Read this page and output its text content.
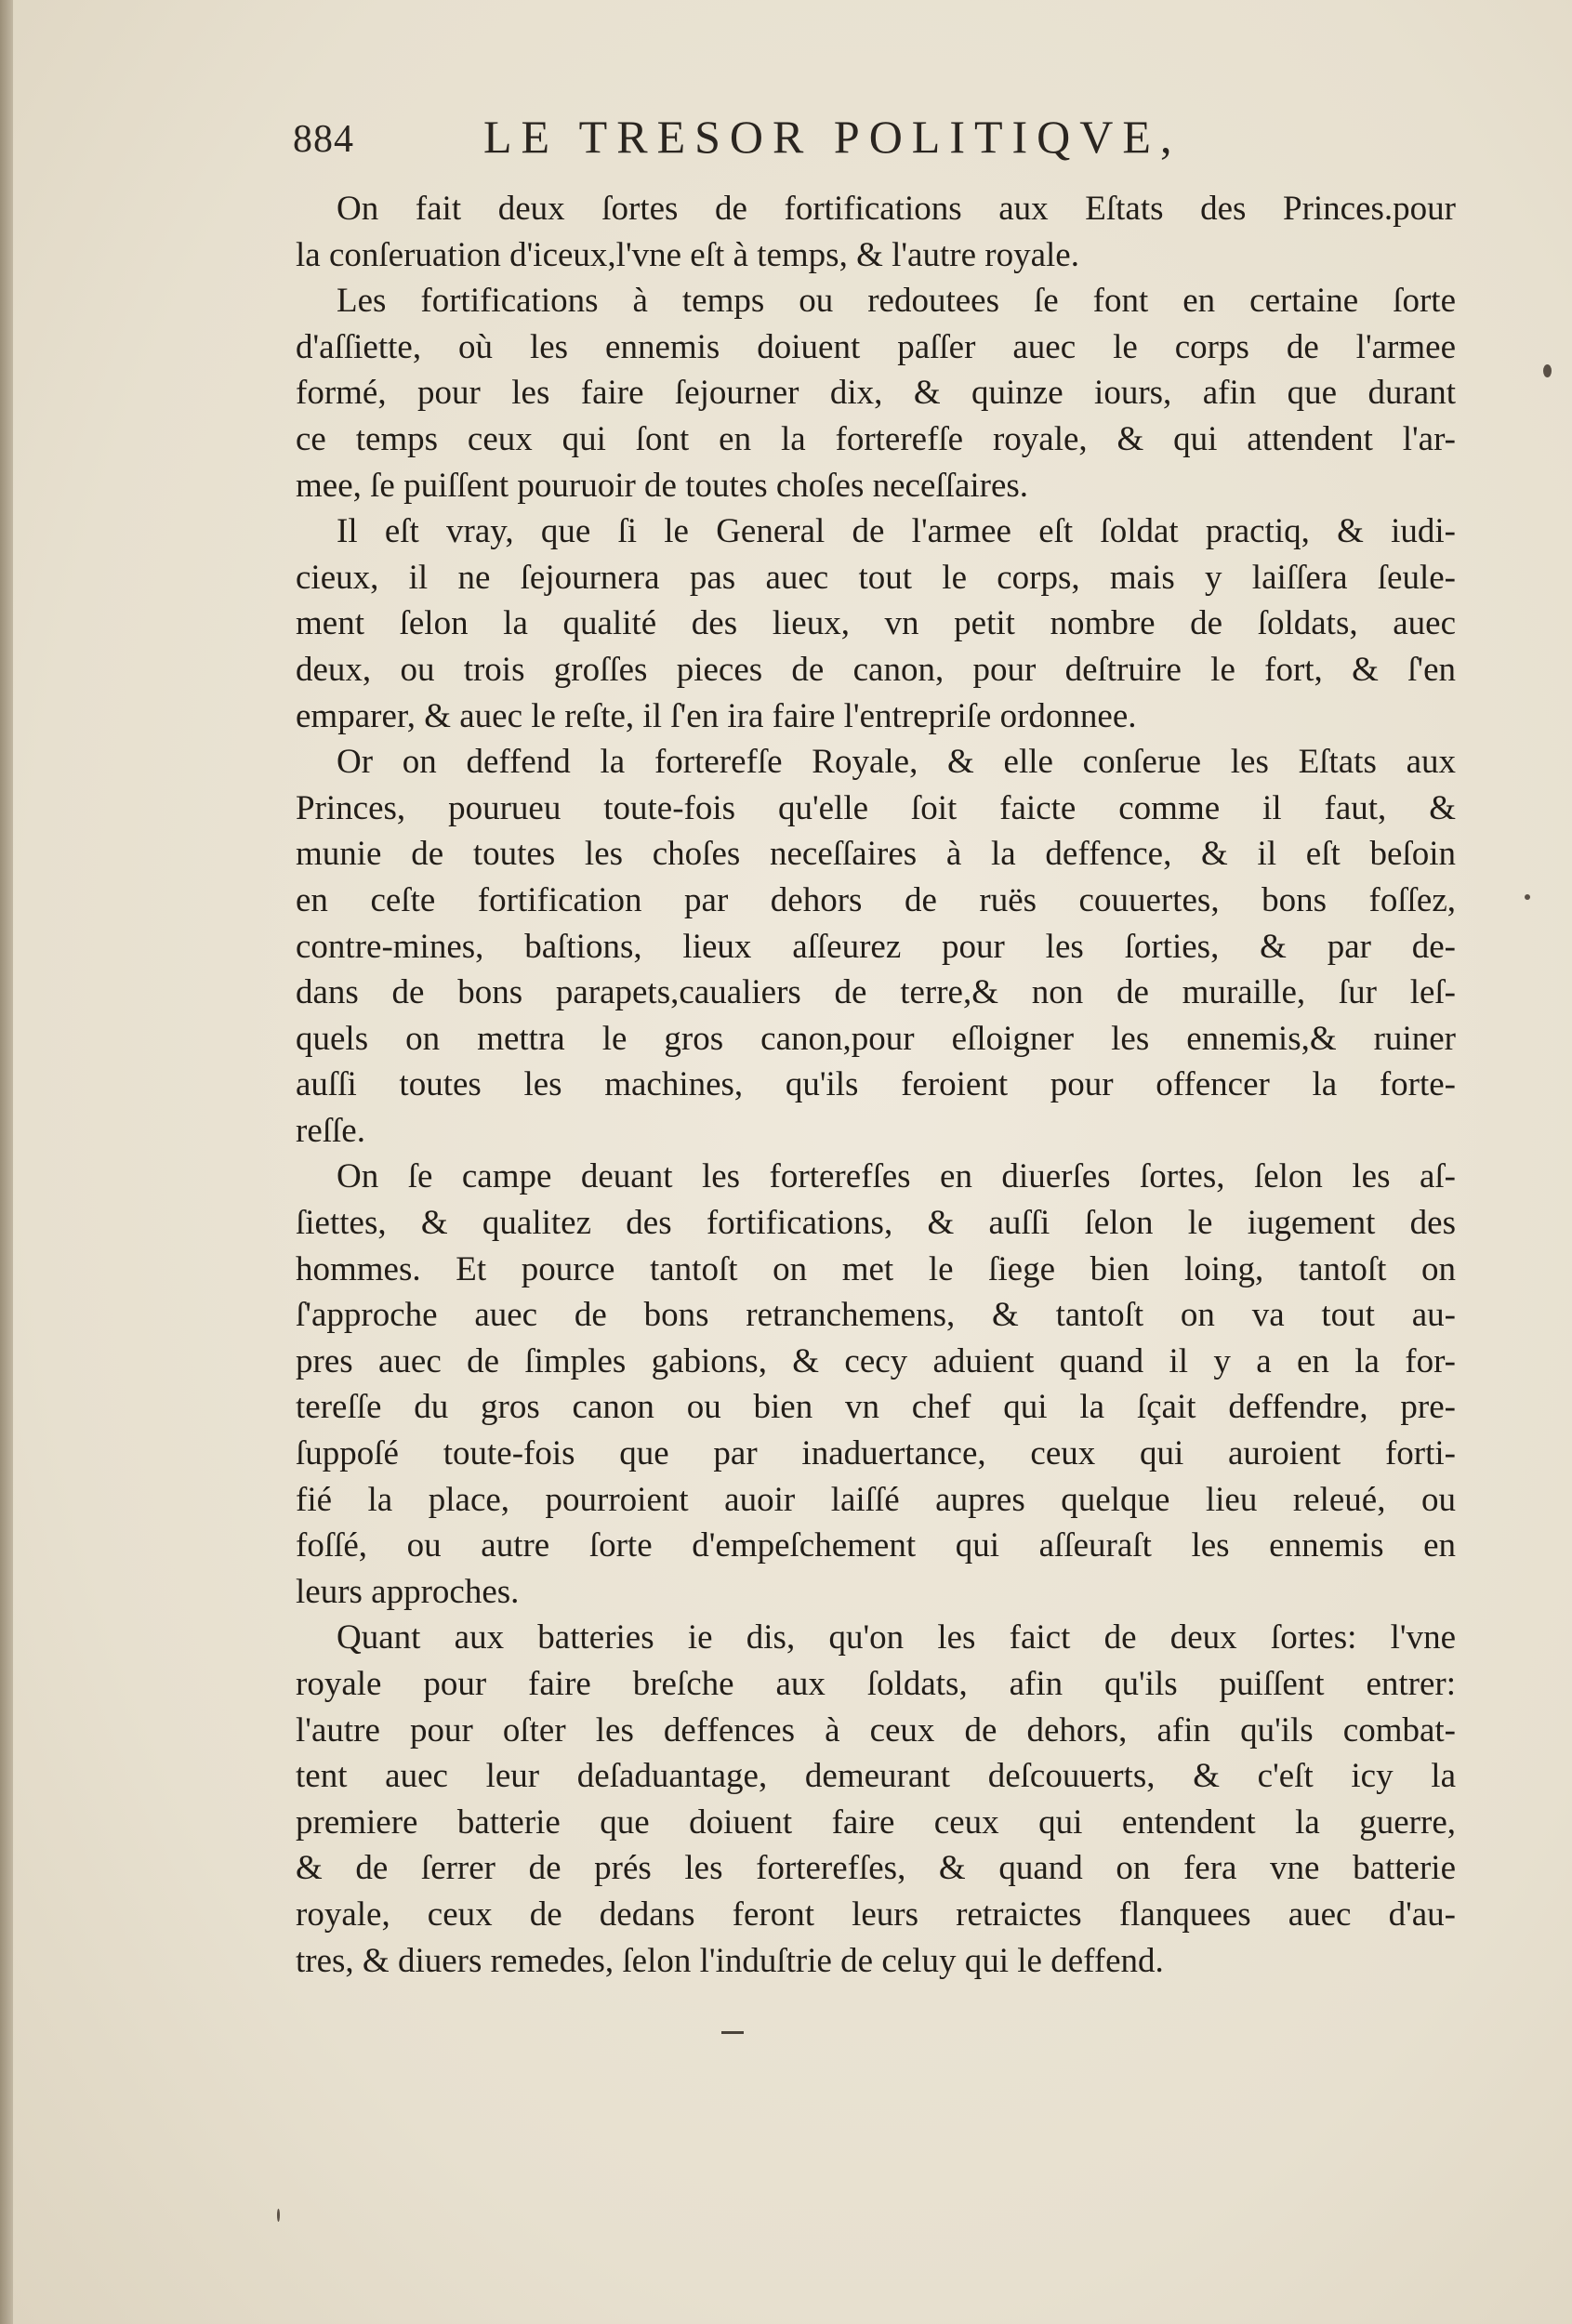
884	LE TRESOR POLITIQVE,
On fait deux ſortes de fortifications aux Eſtats des Princes.pour
la conſeruation d'iceux,l'vne eſt à temps, & l'autre royale.
Les fortifications à temps ou redoutees ſe font en certaine ſorte
d'aſſiette, où les ennemis doiuent paſſer auec le corps de l'armee
formé, pour les faire ſejourner dix, & quinze iours, afin que durant
ce temps ceux qui ſont en la forterefſe royale, & qui attendent l'ar-
mee, ſe puiſſent pouruoir de toutes choſes neceſſaires.
Il eſt vray, que ſi le General de l'armee eſt ſoldat practiq, & iudi-
cieux, il ne ſejournera pas auec tout le corps, mais y laiſſera ſeule-
ment ſelon la qualité des lieux, vn petit nombre de ſoldats, auec
deux, ou trois groſſes pieces de canon, pour deſtruire le fort, & ſ'en
emparer, & auec le reſte, il ſ'en ira faire l'entrepriſe ordonnee.
Or on deffend la forterefſe Royale, & elle conſerue les Eſtats aux
Princes, pourueu toute-fois qu'elle ſoit faicte comme il faut, &
munie de toutes les choſes neceſſaires à la deffence, & il eſt beſoin
en ceſte fortification par dehors de ruës couuertes, bons foſſez,
contre-mines, baſtions, lieux aſſeurez pour les ſorties, & par de-
dans de bons parapets,caualiers de terre,& non de muraille, ſur leſ-
quels on mettra le gros canon,pour eſloigner les ennemis,& ruiner
auſſi toutes les machines, qu'ils feroient pour offencer la forte-
reſſe.
On ſe campe deuant les forterefſes en diuerſes ſortes, ſelon les aſ-
ſiettes, & qualitez des fortifications, & auſſi ſelon le iugement des
hommes. Et pource tantoſt on met le ſiege bien loing, tantoſt on
ſ'approche auec de bons retranchemens, & tantoſt on va tout au-
pres auec de ſimples gabions, & cecy aduient quand il y a en la for-
tereſſe du gros canon ou bien vn chef qui la ſçait deffendre, pre-
ſuppoſé toute-fois que par inaduertance, ceux qui auroient forti-
fié la place, pourroient auoir laiſſé aupres quelque lieu releué, ou
foſſé, ou autre ſorte d'empeſchement qui aſſeuraſt les ennemis en
leurs approches.
Quant aux batteries ie dis, qu'on les faict de deux ſortes: l'vne
royale pour faire breſche aux ſoldats, afin qu'ils puiſſent entrer:
l'autre pour oſter les deffences à ceux de dehors, afin qu'ils combat-
tent auec leur deſaduantage, demeurant deſcouuerts, & c'eſt icy la
premiere batterie que doiuent faire ceux qui entendent la guerre,
& de ſerrer de prés les forterefſes, & quand on fera vne batterie
royale, ceux de dedans feront leurs retraictes flanquees auec d'au-
tres, & diuers remedes, ſelon l'induſtrie de celuy qui le deffend.
